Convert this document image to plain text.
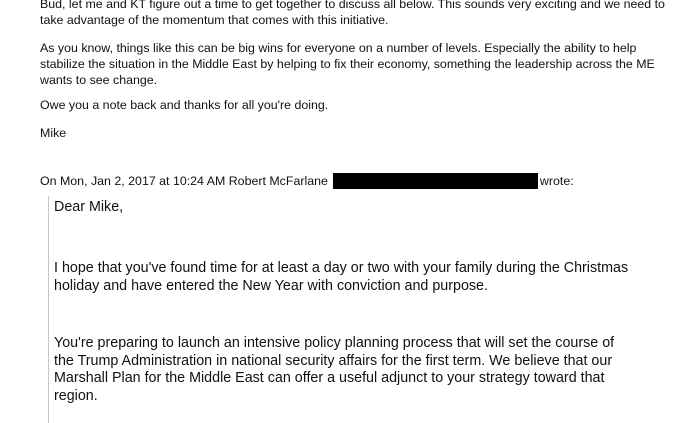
Bud, let me and KT figure out a time to get together to discuss all below. This sounds very exciting and we need to
take advantage of the momentum that comes with this initiative.
As you know, things like this can be big wins for everyone on a number of levels. Especially the ability to help
stabilize the situation in the Middle East by helping to fix their economy, something the leadership across the ME
wants to see change.
Owe you a note back and thanks for all you're doing.
Mike
On Mon, Jan 2, 2017 at 10:24 AM Robert McFarlane	wrote:
Dear Mike,
I hope that you've found time for at least a day or two with your family during the Christmas
holiday and have entered the New Year with conviction and purpose.
You're preparing to launch an intensive policy planning process that will set the course of
the Trump Administration in national security affairs for the first term. We believe that our
Marshall Plan for the Middle East can offer a useful adjunct to your strategy toward that
region.
